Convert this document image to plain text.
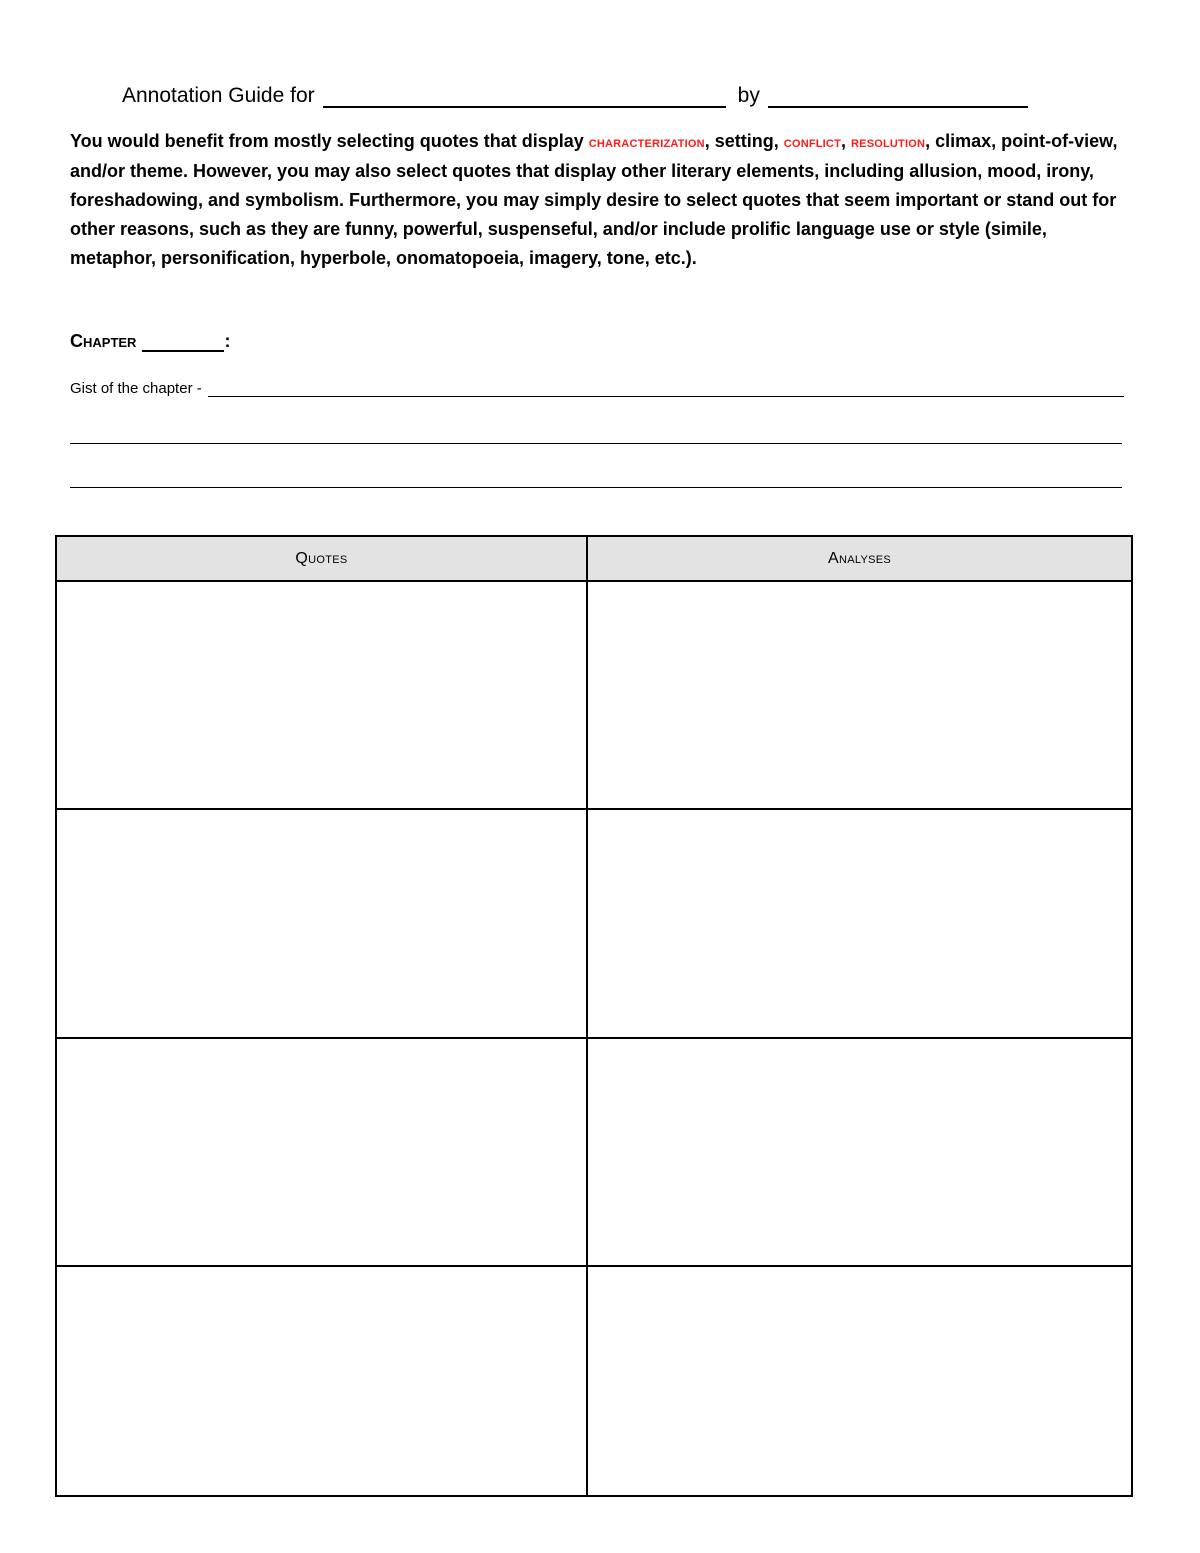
Annotation Guide for	by
You would benefit from mostly selecting quotes that display characterization, setting, conflict, resolution, climax, point-of-view, and/or theme. However, you may also select quotes that display other literary elements, including allusion, mood, irony, foreshadowing, and symbolism. Furthermore, you may simply desire to select quotes that seem important or stand out for other reasons, such as they are funny, powerful, suspenseful, and/or include prolific language use or style (simile, metaphor, personification, hyperbole, onomatopoeia, imagery, tone, etc.).
Chapter	:
Gist of the chapter -
Quotes	Analyses
